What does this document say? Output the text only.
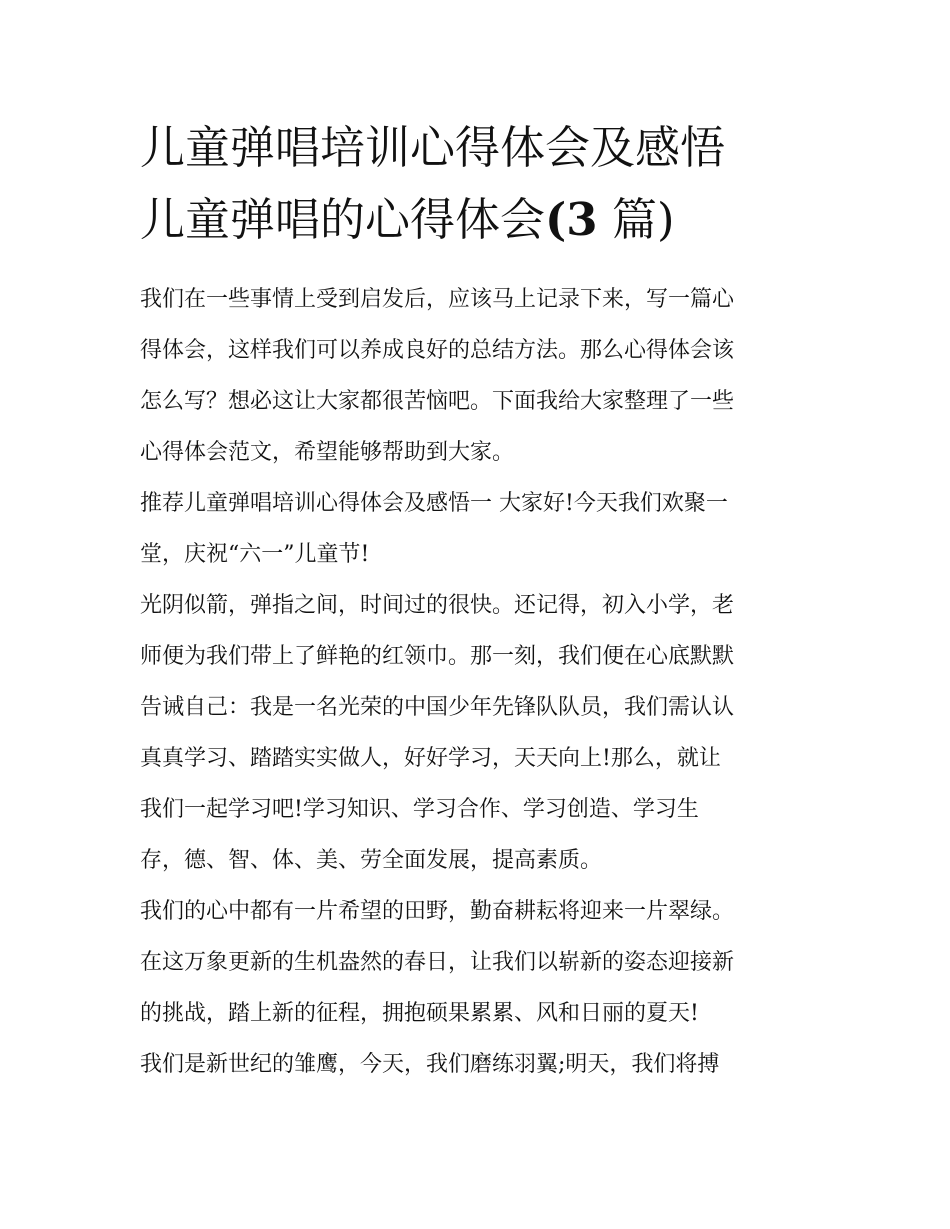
儿童弹唱培训心得体会及感悟
儿童弹唱的心得体会(3 篇)

我们在一些事情上受到启发后，应该马上记录下来，写一篇心
得体会，这样我们可以养成良好的总结方法。那么心得体会该
怎么写？想必这让大家都很苦恼吧。下面我给大家整理了一些
心得体会范文，希望能够帮助到大家。

推荐儿童弹唱培训心得体会及感悟一 大家好!今天我们欢聚一
堂，庆祝“六一”儿童节!

光阴似箭，弹指之间，时间过的很快。还记得，初入小学，老
师便为我们带上了鲜艳的红领巾。那一刻，我们便在心底默默
告诫自己：我是一名光荣的中国少年先锋队队员，我们需认认
真真学习、踏踏实实做人，好好学习，天天向上!那么，就让
我们一起学习吧!学习知识、学习合作、学习创造、学习生
存，德、智、体、美、劳全面发展，提高素质。

我们的心中都有一片希望的田野，勤奋耕耘将迎来一片翠绿。
在这万象更新的生机盎然的春日，让我们以崭新的姿态迎接新
的挑战，踏上新的征程，拥抱硕果累累、风和日丽的夏天!

我们是新世纪的雏鹰，今天，我们磨练羽翼;明天，我们将搏
